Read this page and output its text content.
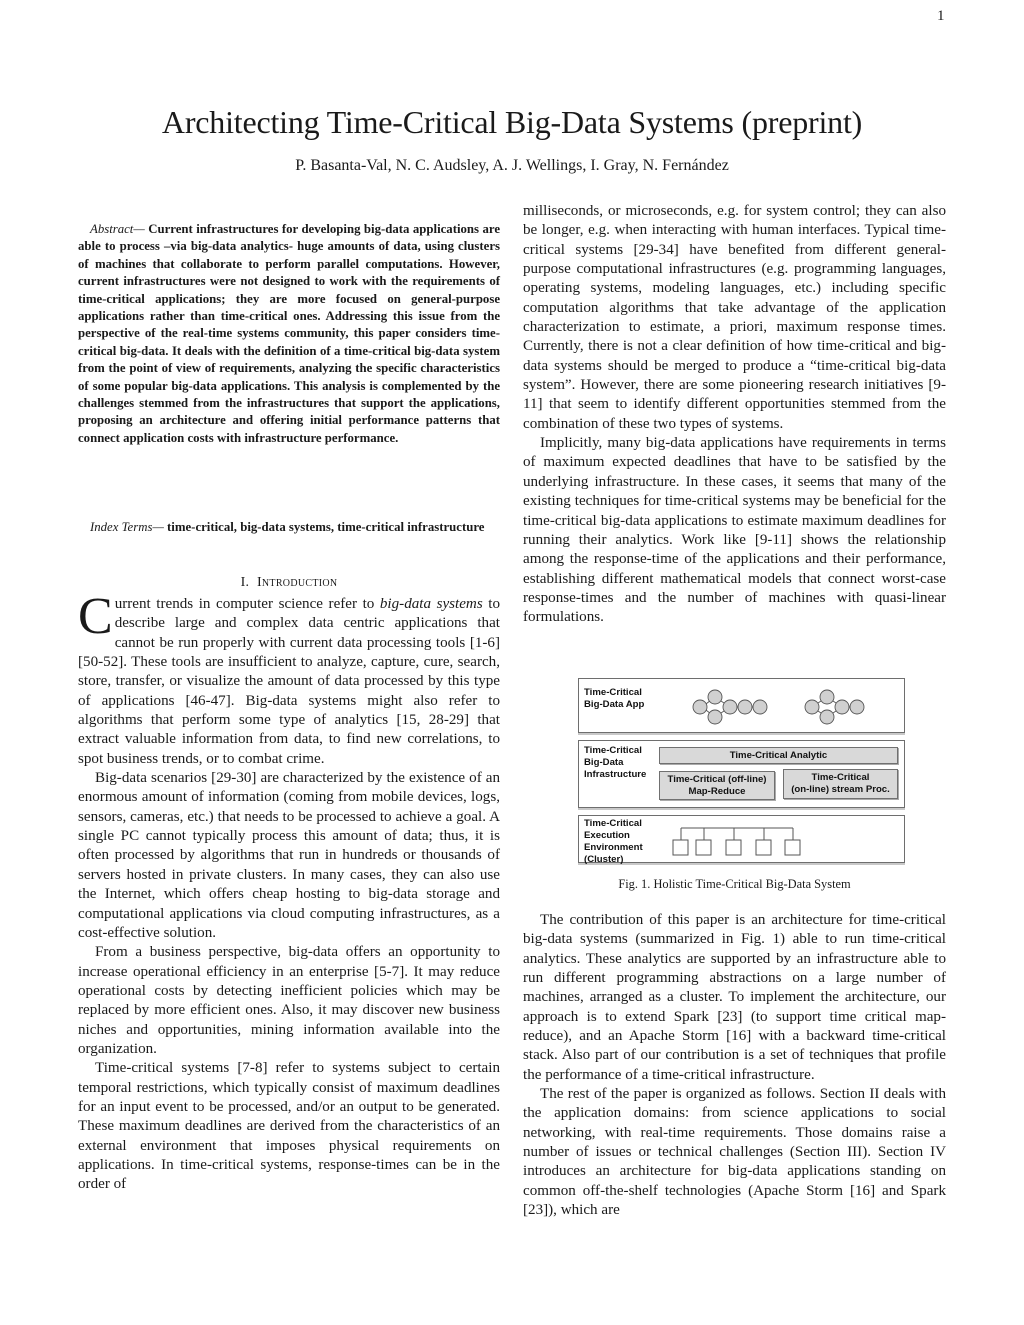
1
Architecting Time-Critical Big-Data Systems (preprint)
P. Basanta-Val, N. C. Audsley, A. J. Wellings, I. Gray, N. Fernández

Abstract— Current infrastructures for developing big-data applications are able to process –via big-data analytics- huge amounts of data, using clusters of machines that collaborate to perform parallel computations. However, current infrastructures were not designed to work with the requirements of time-critical applications; they are more focused on general-purpose applications rather than time-critical ones. Addressing this issue from the perspective of the real-time systems community, this paper considers time-critical big-data. It deals with the definition of a time-critical big-data system from the point of view of requirements, analyzing the specific characteristics of some popular big-data applications. This analysis is complemented by the challenges stemmed from the infrastructures that support the applications, proposing an architecture and offering initial performance patterns that connect application costs with infrastructure performance.

Index Terms— time-critical, big-data systems, time-critical infrastructure
I. Introduction

Current trends in computer science refer to big-data systems to describe large and complex data centric applications that cannot be run properly with current data processing tools [1-6][50-52]. These tools are insufficient to analyze, capture, cure, search, store, transfer, or visualize the amount of data processed by this type of applications [46-47]. Big-data systems might also refer to algorithms that perform some type of analytics [15, 28-29] that extract valuable information from data, to find new correlations, to spot business trends, or to combat crime.

Big-data scenarios [29-30] are characterized by the existence of an enormous amount of information (coming from mobile devices, logs, sensors, cameras, etc.) that needs to be processed to achieve a goal. A single PC cannot typically process this amount of data; thus, it is often processed by algorithms that run in hundreds or thousands of servers hosted in private clusters. In many cases, they can also use the Internet, which offers cheap hosting to big-data storage and computational applications via cloud computing infrastructures, as a cost-effective solution.

From a business perspective, big-data offers an opportunity to increase operational efficiency in an enterprise [5-7]. It may reduce operational costs by detecting inefficient policies which may be replaced by more efficient ones. Also, it may discover new business niches and opportunities, mining information available into the organization.

Time-critical systems [7-8] refer to systems subject to certain temporal restrictions, which typically consist of maximum deadlines for an input event to be processed, and/or an output to be generated. These maximum deadlines are derived from the characteristics of an external environment that imposes physical requirements on applications. In time-critical systems, response-times can be in the order of

milliseconds, or microseconds, e.g. for system control; they can also be longer, e.g. when interacting with human interfaces. Typical time-critical systems [29-34] have benefited from different general-purpose computational infrastructures (e.g. programming languages, operating systems, modeling languages, etc.) including specific computation algorithms that take advantage of the application characterization to estimate, a priori, maximum response times. Currently, there is not a clear definition of how time-critical and big-data systems should be merged to produce a “time-critical big-data system”. However, there are some pioneering research initiatives [9-11] that seem to identify different opportunities stemmed from the combination of these two types of systems.

Implicitly, many big-data applications have requirements in terms of maximum expected deadlines that have to be satisfied by the underlying infrastructure. In these cases, it seems that many of the existing techniques for time-critical systems may be beneficial for the time-critical big-data applications to estimate maximum deadlines for running their analytics. Work like [9-11] shows the relationship among the response-time of the applications and their performance, establishing different mathematical models that connect worst-case response-times and the number of machines with quasi-linear formulations.

Time-Critical
Big-Data App
Time-Critical
Big-Data
Infrastructure
Time-Critical Analytic
Time-Critical (off-line)
Map-Reduce
Time-Critical
(on-line) stream Proc.
Time-Critical
Execution
Environment
(Cluster)
Fig. 1. Holistic Time-Critical Big-Data System

The contribution of this paper is an architecture for time-critical big-data systems (summarized in Fig. 1) able to run time-critical analytics. These analytics are supported by an infrastructure able to run different programming abstractions on a large number of machines, arranged as a cluster. To implement the architecture, our approach is to extend Spark [23] (to support time critical map-reduce), and an Apache Storm [16] with a backward time-critical stack. Also part of our contribution is a set of techniques that profile the performance of a time-critical infrastructure.

The rest of the paper is organized as follows. Section II deals with the application domains: from science applications to social networking, with real-time requirements. Those domains raise a number of issues or technical challenges (Section III). Section IV introduces an architecture for big-data applications standing on common off-the-shelf technologies (Apache Storm [16] and Spark [23]), which are
